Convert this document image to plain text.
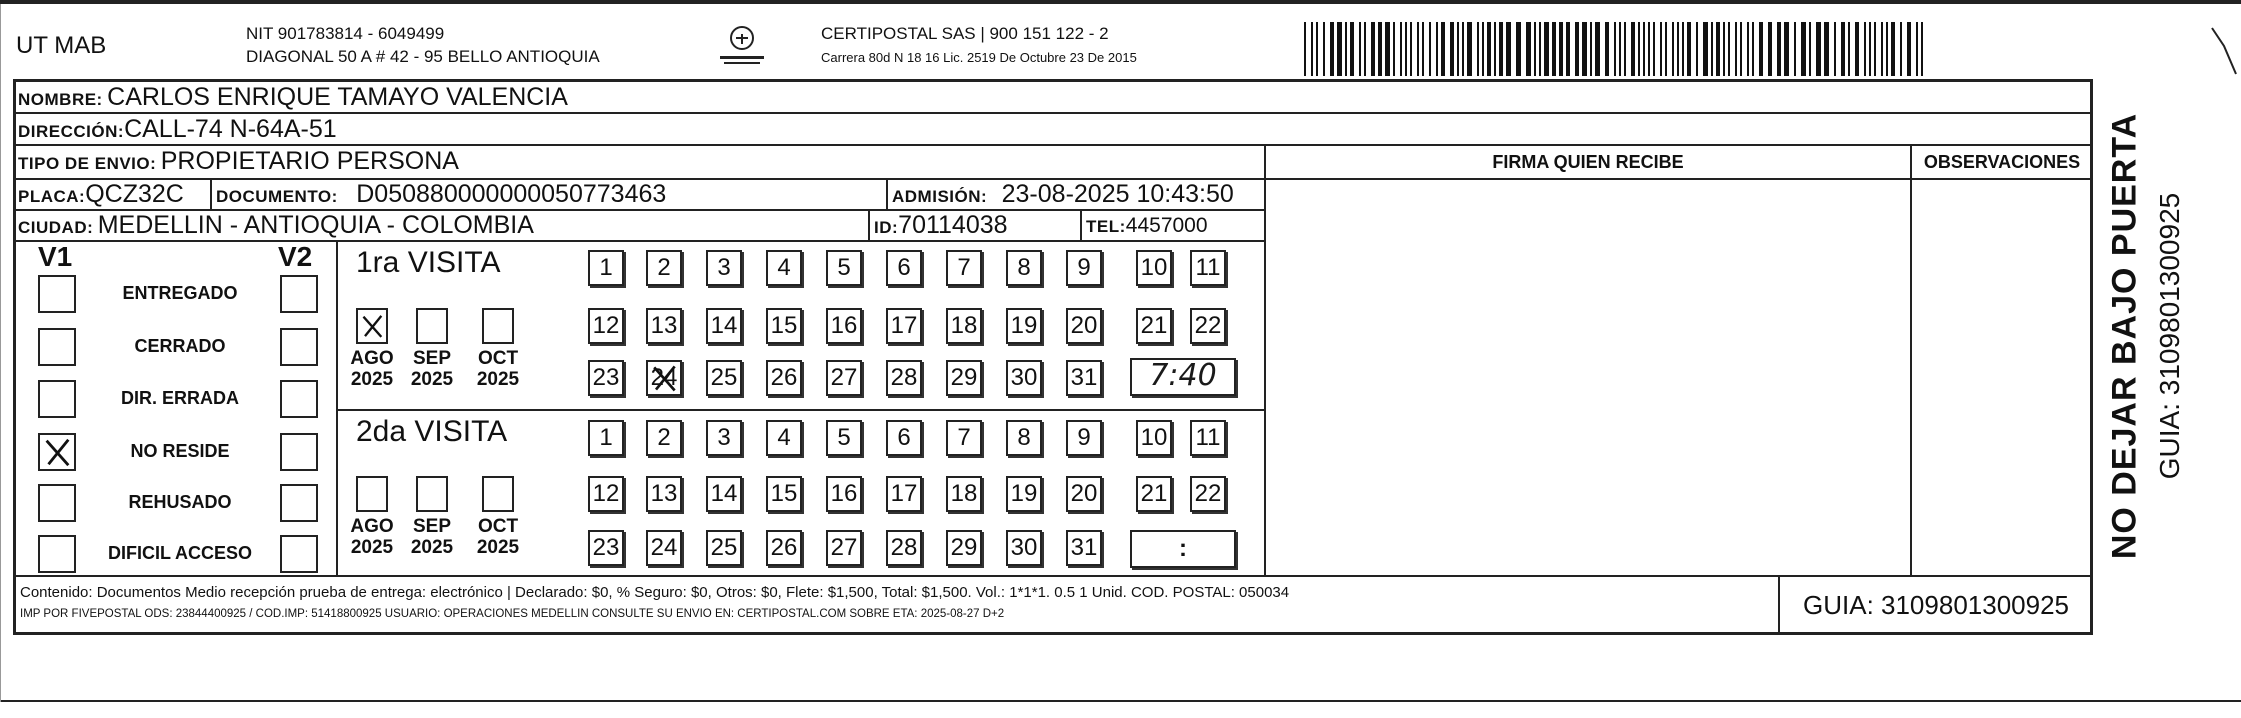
UT MAB	NIT 901783814 - 6049499
DIAGONAL 50 A # 42 - 95 BELLO ANTIOQUIA
CERTIPOSTAL SAS | 900 151 122 - 2
Carrera 80d N 18 16 Lic. 2519 De Octubre 23 De 2015
NOMBRE: CARLOS ENRIQUE TAMAYO VALENCIA
DIRECCIÓN:CALL-74 N-64A-51
TIPO DE ENVIO: PROPIETARIO PERSONA
PLACA:QCZ32C DOCUMENTO: D050880000000050773463	ADMISIÓN: 23-08-2025 10:43:50
CIUDAD: MEDELLIN - ANTIOQUIA - COLOMBIA	ID:70114038	TEL:4457000
FIRMA QUIEN RECIBE	OBSERVACIONES
V1	V2
ENTREGADO
CERRADO
DIR. ERRADA
NO RESIDE
REHUSADO
DIFICIL ACCESO
1ra VISITA
AGO
2025
SEP
2025
OCT
2025
1	2	3	4	5	6	7	8	9	10 11
12 13 14 15 16 17 18 19 20 21 22
23 24 25 26 27 28 29 30 31	7:40
2da VISITA
AGO
2025
SEP
2025
OCT
2025
1	2	3	4	5	6	7	8	9	10 11
12 13 14 15 16 17 18 19 20 21 22
23 24 25 26 27 28 29 30 31	:
Contenido: Documentos Medio recepción prueba de entrega: electrónico | Declarado: $0, % Seguro: $0, Otros: $0, Flete: $1,500, Total: $1,500. Vol.: 1*1*1. 0.5 1 Unid. COD. POSTAL: 050034
IMP POR FIVEPOSTAL ODS: 23844400925 / COD.IMP: 51418800925 USUARIO: OPERACIONES MEDELLIN CONSULTE SU ENVIO EN: CERTIPOSTAL.COM SOBRE ETA: 2025-08-27 D+2	GUIA: 3109801300925
NO DEJAR BAJO PUERTA GUIA: 3109801300925
